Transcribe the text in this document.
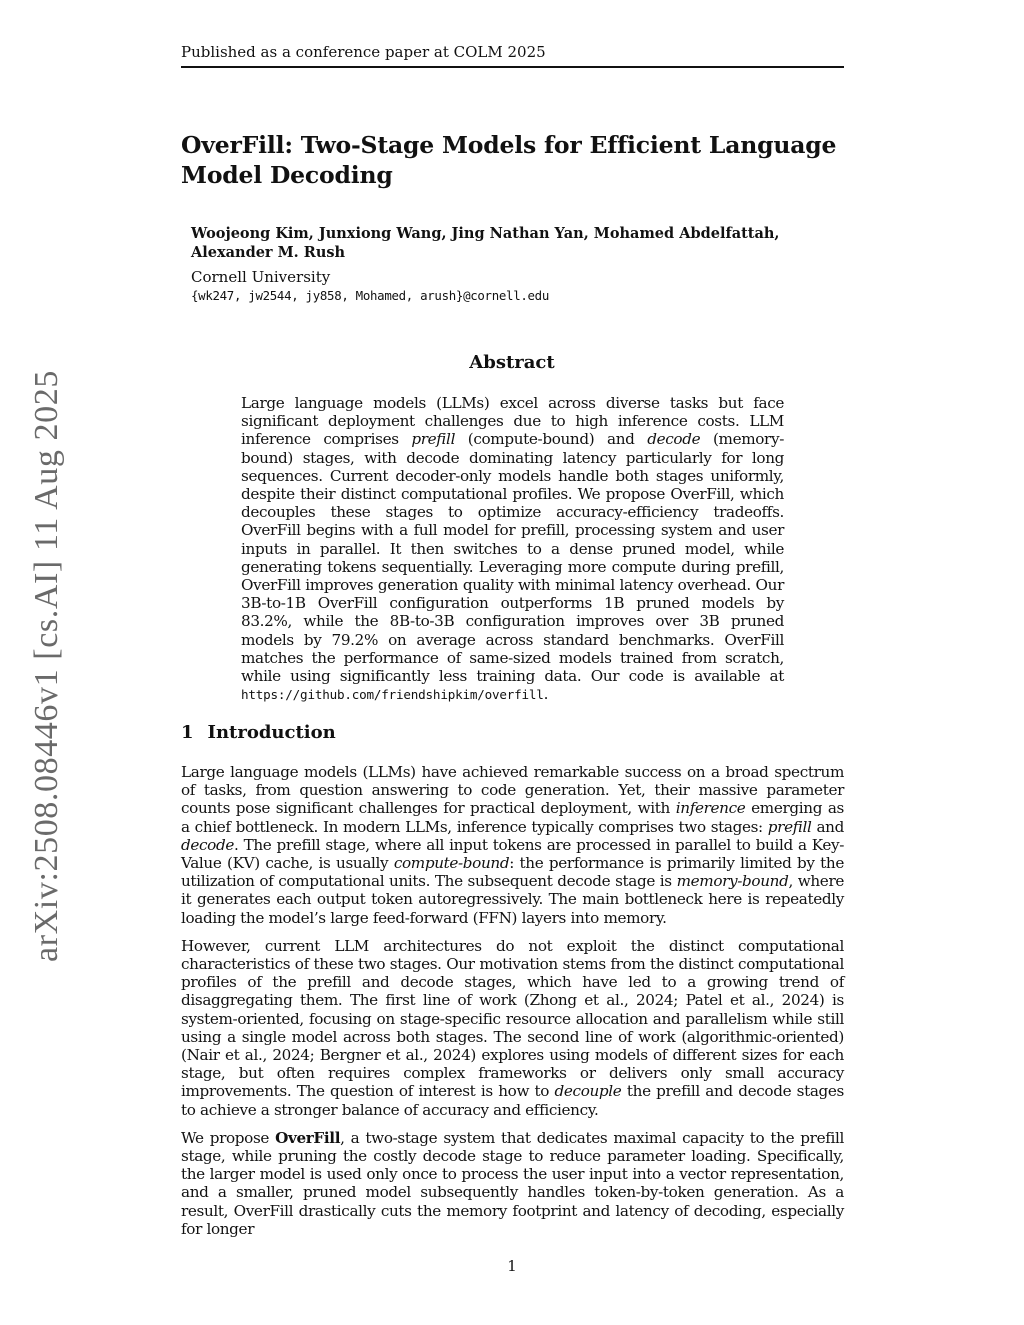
Published as a conference paper at COLM 2025
arXiv:2508.08446v1 [cs.AI] 11 Aug 2025
OverFill: Two-Stage Models for Efficient Language Model Decoding
Woojeong Kim, Junxiong Wang, Jing Nathan Yan, Mohamed Abdelfattah, Alexander M. Rush
Cornell University
{wk247, jw2544, jy858, Mohamed, arush}@cornell.edu
Abstract
Large language models (LLMs) excel across diverse tasks but face significant deployment challenges due to high inference costs. LLM inference comprises prefill (compute-bound) and decode (memory-bound) stages, with decode dominating latency particularly for long sequences. Current decoder-only models handle both stages uniformly, despite their distinct computational profiles. We propose OverFill, which decouples these stages to optimize accuracy-efficiency tradeoffs. OverFill begins with a full model for prefill, processing system and user inputs in parallel. It then switches to a dense pruned model, while generating tokens sequentially. Leveraging more compute during prefill, OverFill improves generation quality with minimal latency overhead. Our 3B-to-1B OverFill configuration outperforms 1B pruned models by 83.2%, while the 8B-to-3B configuration improves over 3B pruned models by 79.2% on average across standard benchmarks. OverFill matches the performance of same-sized models trained from scratch, while using significantly less training data. Our code is available at https://github.com/friendshipkim/overfill.
1 Introduction

Large language models (LLMs) have achieved remarkable success on a broad spectrum of tasks, from question answering to code generation. Yet, their massive parameter counts pose significant challenges for practical deployment, with inference emerging as a chief bottleneck. In modern LLMs, inference typically comprises two stages: prefill and decode. The prefill stage, where all input tokens are processed in parallel to build a Key-Value (KV) cache, is usually compute-bound: the performance is primarily limited by the utilization of computational units. The subsequent decode stage is memory-bound, where it generates each output token autoregressively. The main bottleneck here is repeatedly loading the model’s large feed-forward (FFN) layers into memory.

However, current LLM architectures do not exploit the distinct computational characteristics of these two stages. Our motivation stems from the distinct computational profiles of the prefill and decode stages, which have led to a growing trend of disaggregating them. The first line of work (Zhong et al., 2024; Patel et al., 2024) is system-oriented, focusing on stage-specific resource allocation and parallelism while still using a single model across both stages. The second line of work (algorithmic-oriented) (Nair et al., 2024; Bergner et al., 2024) explores using models of different sizes for each stage, but often requires complex frameworks or delivers only small accuracy improvements. The question of interest is how to decouple the prefill and decode stages to achieve a stronger balance of accuracy and efficiency.

We propose OverFill, a two-stage system that dedicates maximal capacity to the prefill stage, while pruning the costly decode stage to reduce parameter loading. Specifically, the larger model is used only once to process the user input into a vector representation, and a smaller, pruned model subsequently handles token-by-token generation. As a result, OverFill drastically cuts the memory footprint and latency of decoding, especially for longer

1
